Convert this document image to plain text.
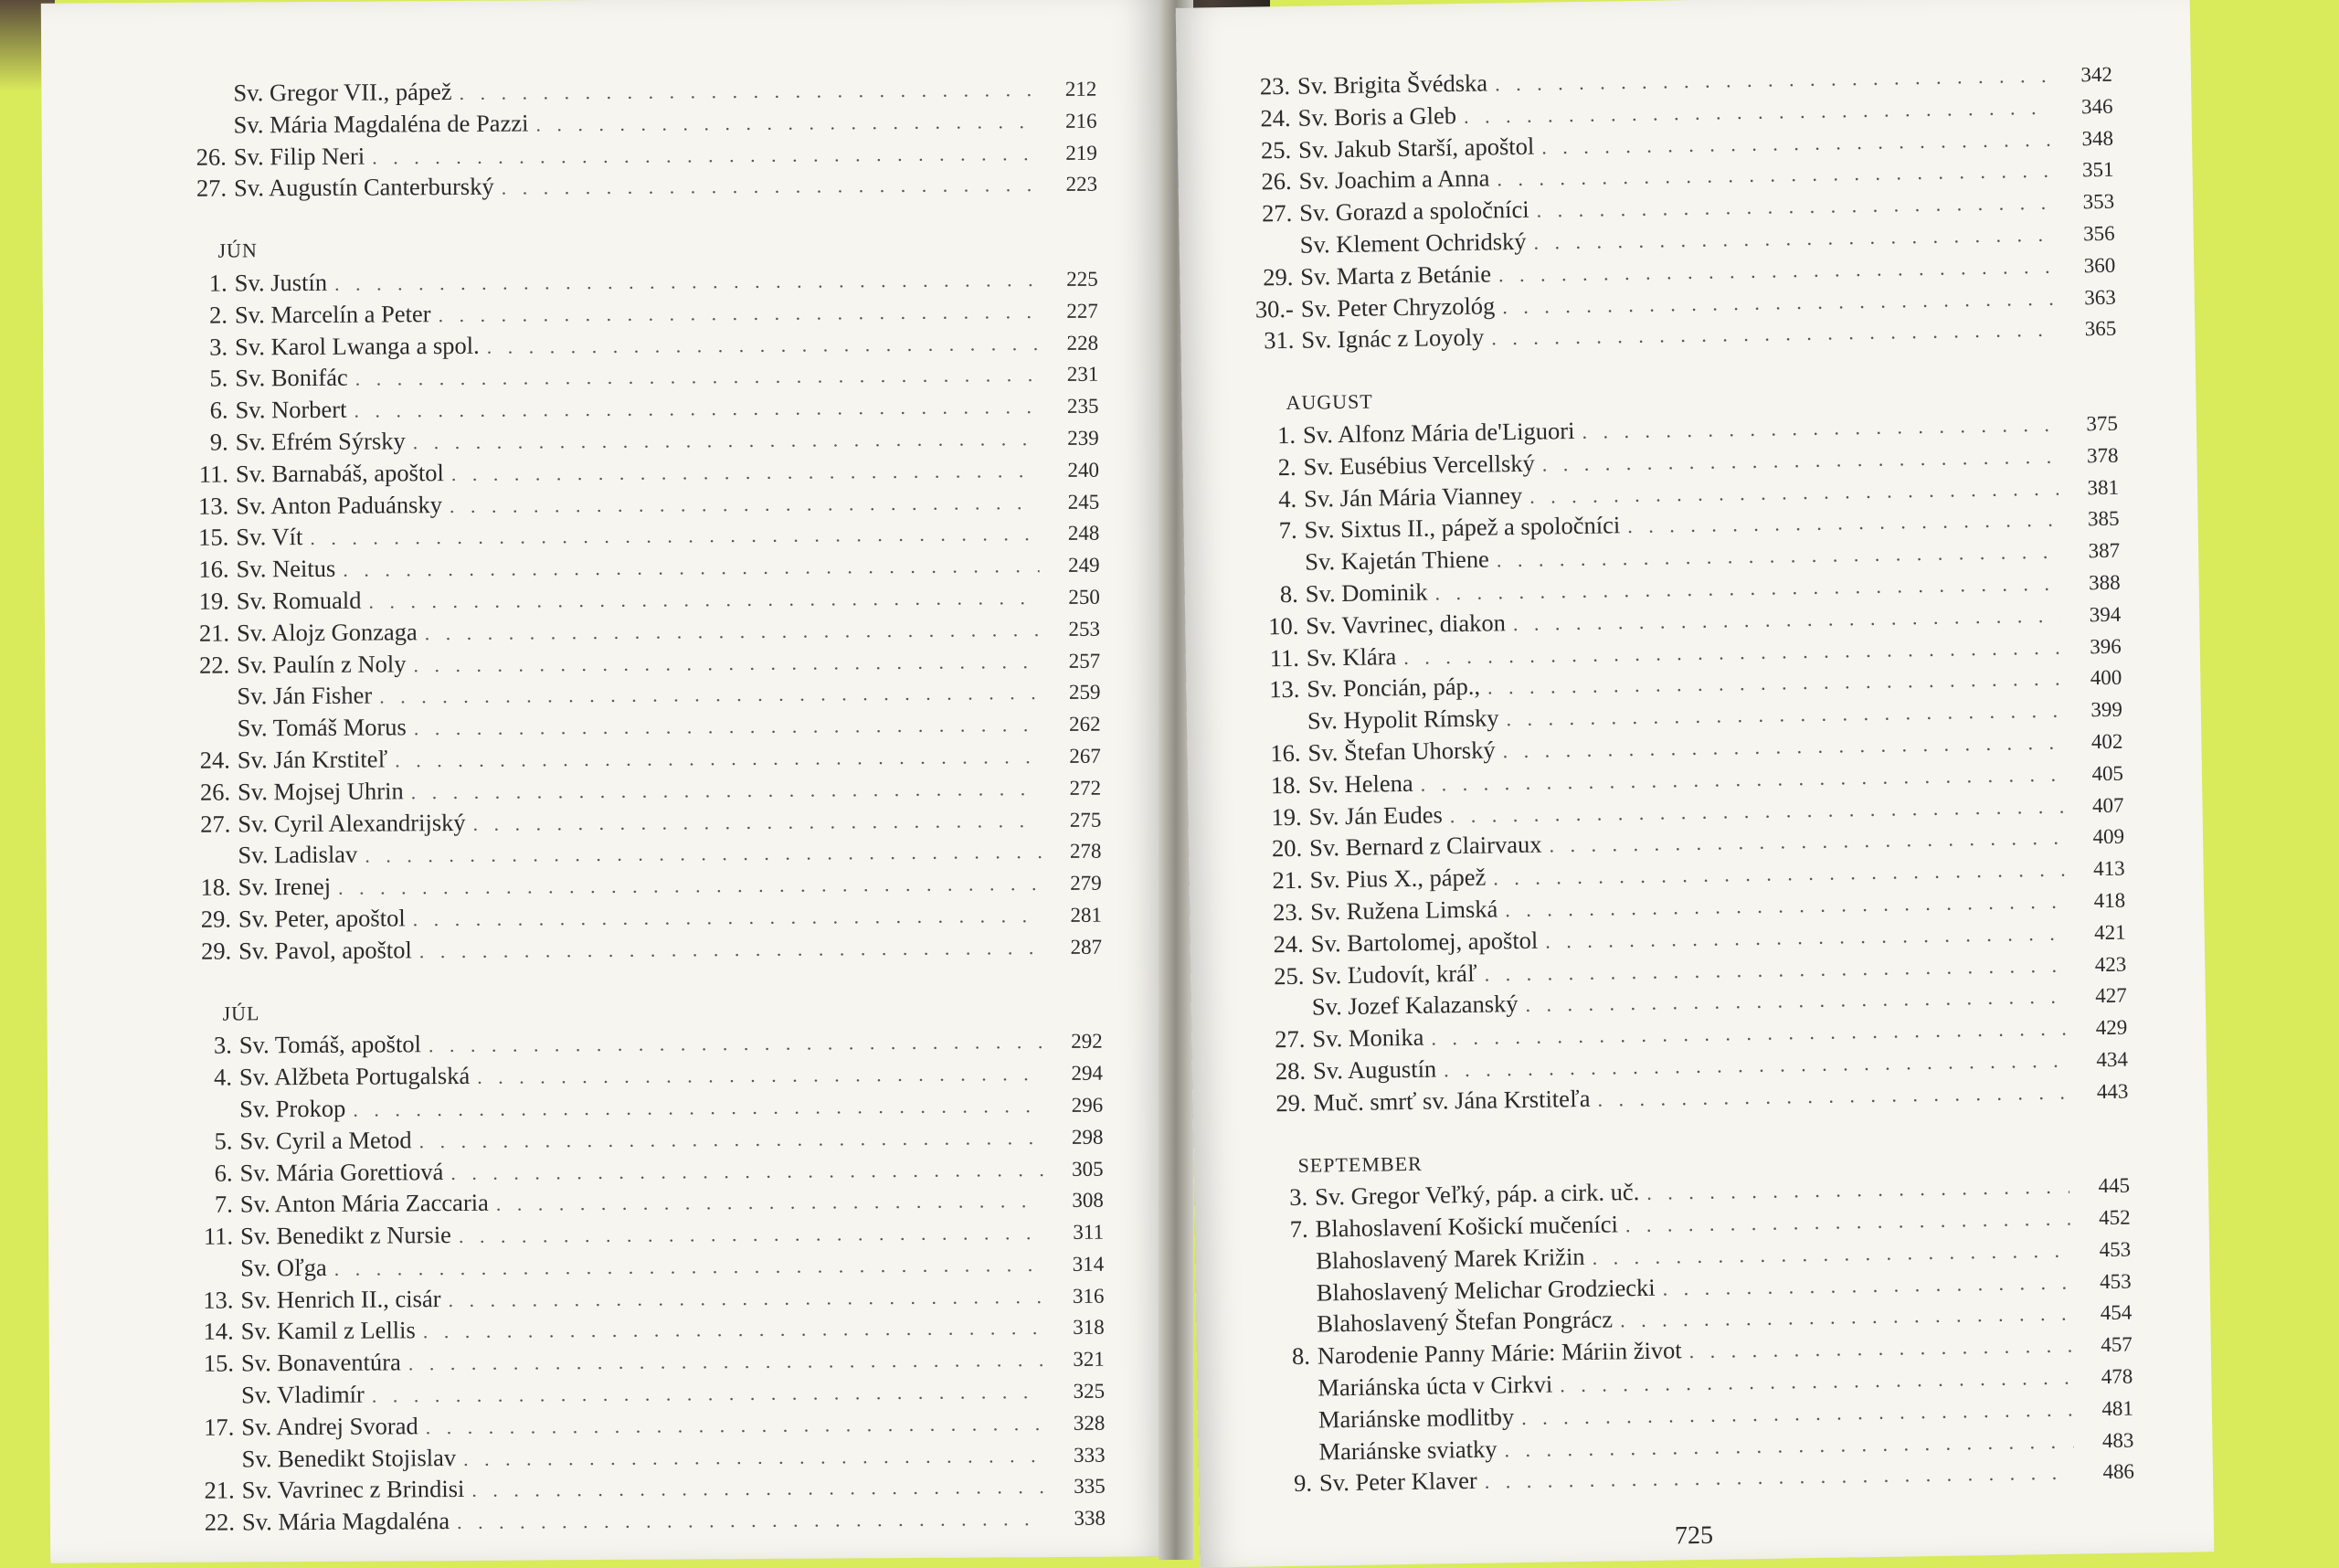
Sv. Gregor VII., pápež . . .	212
Sv. Mária Magdaléna de Pazzi . . .	216
26. Sv. Filip Neri . . .	219
27. Sv. Augustín Canterburský . . .	223
JÚN
1. Sv. Justín . . .	225
2. Sv. Marcelín a Peter . . .	227
3. Sv. Karol Lwanga a spol. . . .	228
5. Sv. Bonifác . . .	231
6. Sv. Norbert . . .	235
9. Sv. Efrém Sýrsky . . .	239
11. Sv. Barnabáš, apoštol . . .	240
13. Sv. Anton Paduánsky . . .	245
15. Sv. Vít . . .	248
16. Sv. Neitus . . .	249
19. Sv. Romuald . . .	250
21. Sv. Alojz Gonzaga . . .	253
22. Sv. Paulín z Noly . . .	257
Sv. Ján Fisher . . .	259
Sv. Tomáš Morus . . .	262
24. Sv. Ján Krstiteľ . . .	267
26. Sv. Mojsej Uhrin . . .	272
27. Sv. Cyril Alexandrijský . . .	275
Sv. Ladislav . . .	278
18. Sv. Irenej . . .	279
29. Sv. Peter, apoštol . . .	281
29. Sv. Pavol, apoštol . . .	287
JÚL
3. Sv. Tomáš, apoštol . . .	292
4. Sv. Alžbeta Portugalská . . .	294
Sv. Prokop . . .	296
5. Sv. Cyril a Metod . . .	298
6. Sv. Mária Gorettiová . . .	305
7. Sv. Anton Mária Zaccaria . . .	308
11. Sv. Benedikt z Nursie . . .	311
Sv. Oľga . . .	314
13. Sv. Henrich II., cisár . . .	316
14. Sv. Kamil z Lellis . . .	318
15. Sv. Bonaventúra . . .	321
Sv. Vladimír . . .	325
17. Sv. Andrej Svorad . . .	328
Sv. Benedikt Stojislav . . .	333
21. Sv. Vavrinec z Brindisi . . .	335
22. Sv. Mária Magdaléna . . .	338
23. Sv. Brigita Švédska . . .	342
24. Sv. Boris a Gleb . . .	346
25. Sv. Jakub Starší, apoštol . . .	348
26. Sv. Joachim a Anna . . .	351
27. Sv. Gorazd a spoločníci . . .	353
Sv. Klement Ochridský . . .	356
29. Sv. Marta z Betánie . . .	360
30.- Sv. Peter Chryzológ . . .	363
31. Sv. Ignác z Loyoly . . .	365
AUGUST
1. Sv. Alfonz Mária de'Liguori . . .	375
2. Sv. Eusébius Vercellský . . .	378
4. Sv. Ján Mária Vianney . . .	381
7. Sv. Sixtus II., pápež a spoločníci . . .	385
Sv. Kajetán Thiene . . .	387
8. Sv. Dominik . . .	388
10. Sv. Vavrinec, diakon . . .	394
11. Sv. Klára . . .	396
13. Sv. Poncián, páp., . . .	400
Sv. Hypolit Rímsky . . .	399
16. Sv. Štefan Uhorský . . .	402
18. Sv. Helena . . .	405
19. Sv. Ján Eudes . . .	407
20. Sv. Bernard z Clairvaux . . .	409
21. Sv. Pius X., pápež . . .	413
23. Sv. Ružena Limská . . .	418
24. Sv. Bartolomej, apoštol . . .	421
25. Sv. Ľudovít, kráľ . . .	423
Sv. Jozef Kalazanský . . .	427
27. Sv. Monika . . .	429
28. Sv. Augustín . . .	434
29. Muč. smrť sv. Jána Krstiteľa . . .	443
SEPTEMBER
3. Sv. Gregor Veľký, páp. a cirk. uč. . . .	445
7. Blahoslavení Košickí mučeníci . . .	452
Blahoslavený Marek Križin . . .	453
Blahoslavený Melichar Grodziecki . . .	453
Blahoslavený Štefan Pongrácz . . .	454
8. Narodenie Panny Márie: Máriin život . . .	457
Mariánska úcta v Cirkvi . . .	478
Mariánske modlitby . . .	481
Mariánske sviatky . . .	483
9. Sv. Peter Klaver . . .	486
725
